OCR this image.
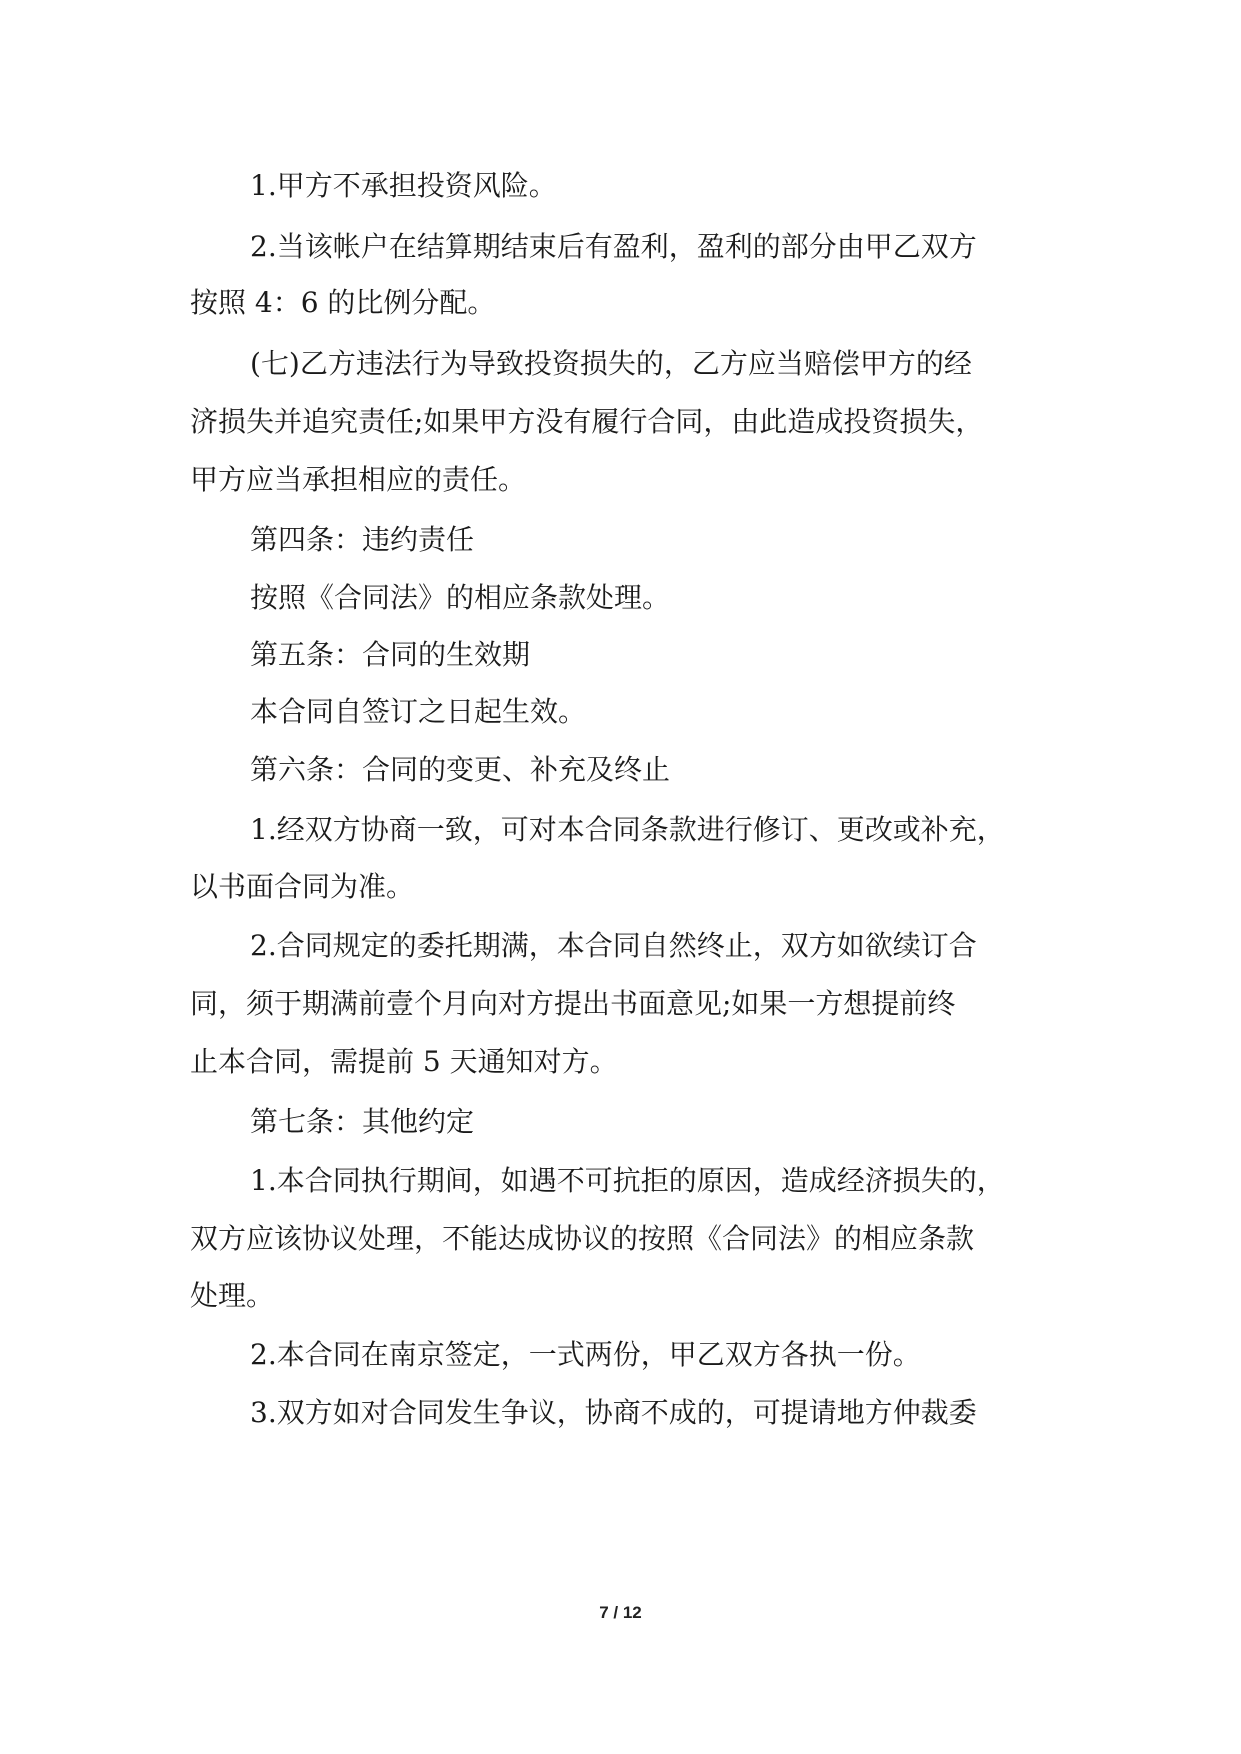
1.甲方不承担投资风险。
2.当该帐户在结算期结束后有盈利，盈利的部分由甲乙双方
按照 4：6 的比例分配。
(七)乙方违法行为导致投资损失的，乙方应当赔偿甲方的经
济损失并追究责任;如果甲方没有履行合同，由此造成投资损失，
甲方应当承担相应的责任。
第四条：违约责任
按照《合同法》的相应条款处理。
第五条：合同的生效期
本合同自签订之日起生效。
第六条：合同的变更、补充及终止
1.经双方协商一致，可对本合同条款进行修订、更改或补充，
以书面合同为准。
2.合同规定的委托期满，本合同自然终止，双方如欲续订合
同，须于期满前壹个月向对方提出书面意见;如果一方想提前终
止本合同，需提前 5 天通知对方。
第七条：其他约定
1.本合同执行期间，如遇不可抗拒的原因，造成经济损失的，
双方应该协议处理，不能达成协议的按照《合同法》的相应条款
处理。
2.本合同在南京签定，一式两份，甲乙双方各执一份。
3.双方如对合同发生争议，协商不成的，可提请地方仲裁委
7 / 12
